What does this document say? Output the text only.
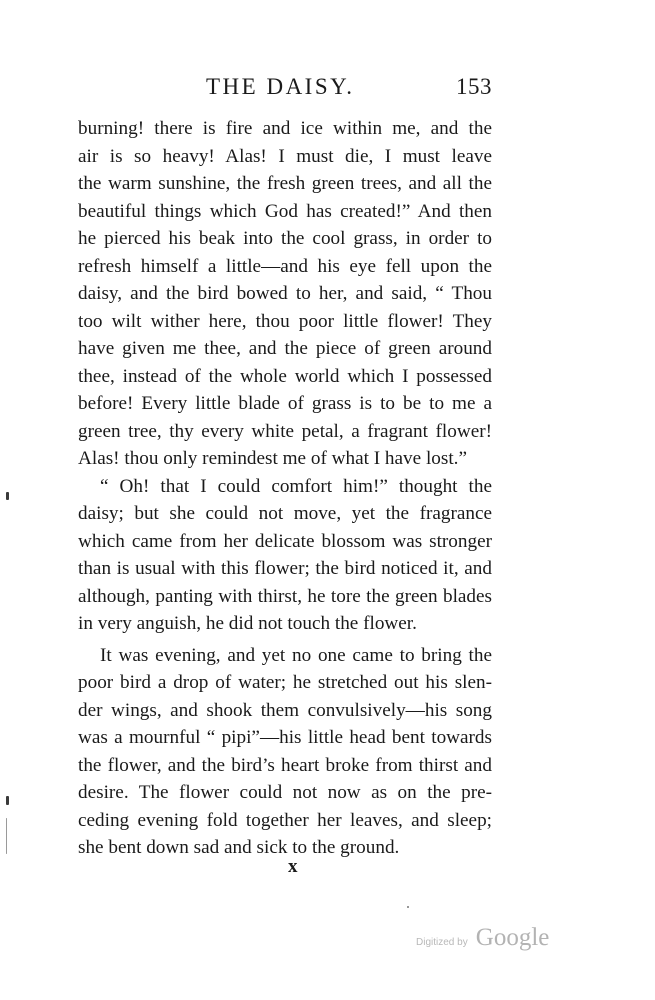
THE DAISY.	153
burning! there is fire and ice within me, and the
air is so heavy! Alas! I must die, I must leave
the warm sunshine, the fresh green trees, and all the
beautiful things which God has created!” And then
he pierced his beak into the cool grass, in order to
refresh himself a little—and his eye fell upon the
daisy, and the bird bowed to her, and said, “ Thou
too wilt wither here, thou poor little flower! They
have given me thee, and the piece of green around
thee, instead of the whole world which I possessed
before! Every little blade of grass is to be to me a
green tree, thy every white petal, a fragrant flower!
Alas! thou only remindest me of what I have lost.”
“ Oh! that I could comfort him!” thought the
daisy; but she could not move, yet the fragrance
which came from her delicate blossom was stronger
than is usual with this flower; the bird noticed it, and
although, panting with thirst, he tore the green blades
in very anguish, he did not touch the flower.
It was evening, and yet no one came to bring the
poor bird a drop of water; he stretched out his slen-
der wings, and shook them convulsively—his song
was a mournful “ pipi”—his little head bent towards
the flower, and the bird’s heart broke from thirst and
desire. The flower could not now as on the pre-
ceding evening fold together her leaves, and sleep;
she bent down sad and sick to the ground.
x
Digitized by Google
